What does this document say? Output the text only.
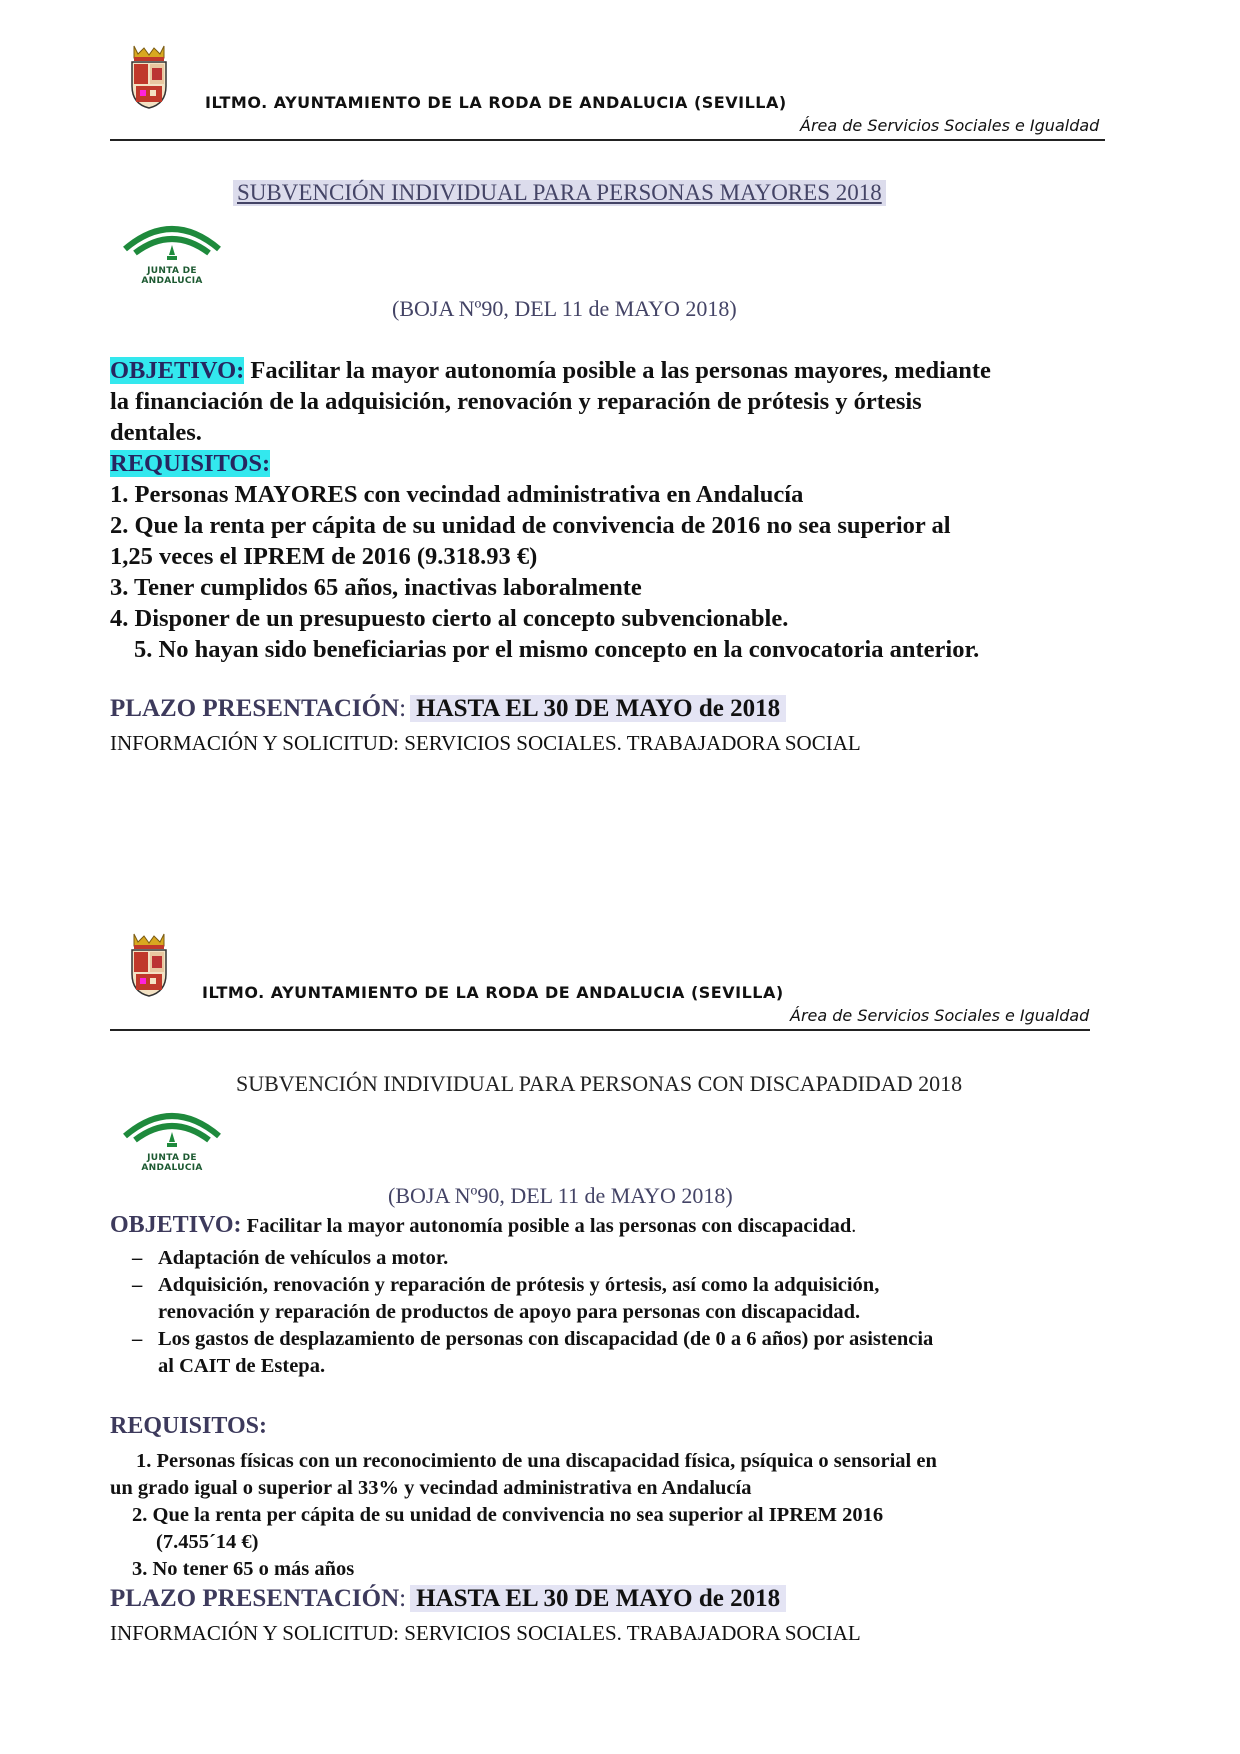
ILTMO. AYUNTAMIENTO DE LA RODA DE ANDALUCIA (SEVILLA)
Área de Servicios Sociales e Igualdad
SUBVENCIÓN INDIVIDUAL PARA PERSONAS MAYORES 2018
JUNTA DE ANDALUCIA
(BOJA Nº90, DEL 11 de MAYO 2018)
OBJETIVO: Facilitar la mayor autonomía posible a las personas mayores, mediante
la financiación de la adquisición, renovación y reparación de prótesis y órtesis
dentales.
REQUISITOS:
1. Personas MAYORES con vecindad administrativa en Andalucía
2. Que la renta per cápita de su unidad de convivencia de 2016 no sea superior al
1,25 veces el IPREM de 2016 (9.318.93 €)
3. Tener cumplidos 65 años, inactivas laboralmente
4. Disponer de un presupuesto cierto al concepto subvencionable.
5. No hayan sido beneficiarias por el mismo concepto en la convocatoria anterior.
PLAZO PRESENTACIÓN: HASTA EL 30 DE MAYO de 2018
INFORMACIÓN Y SOLICITUD: SERVICIOS SOCIALES. TRABAJADORA SOCIAL
ILTMO. AYUNTAMIENTO DE LA RODA DE ANDALUCIA (SEVILLA)
Área de Servicios Sociales e Igualdad
SUBVENCIÓN INDIVIDUAL PARA PERSONAS CON DISCAPADIDAD 2018
JUNTA DE ANDALUCIA
(BOJA Nº90, DEL 11 de MAYO 2018)
OBJETIVO: Facilitar la mayor autonomía posible a las personas con discapacidad.
– Adaptación de vehículos a motor.
– Adquisición, renovación y reparación de prótesis y órtesis, así como la adquisición,
renovación y reparación de productos de apoyo para personas con discapacidad.
– Los gastos de desplazamiento de personas con discapacidad (de 0 a 6 años) por asistencia
al CAIT de Estepa.
REQUISITOS:
1. Personas físicas con un reconocimiento de una discapacidad física, psíquica o sensorial en
un grado igual o superior al 33% y vecindad administrativa en Andalucía
2. Que la renta per cápita de su unidad de convivencia no sea superior al IPREM 2016
(7.455´14 €)
3. No tener 65 o más años
PLAZO PRESENTACIÓN: HASTA EL 30 DE MAYO de 2018
INFORMACIÓN Y SOLICITUD: SERVICIOS SOCIALES. TRABAJADORA SOCIAL
